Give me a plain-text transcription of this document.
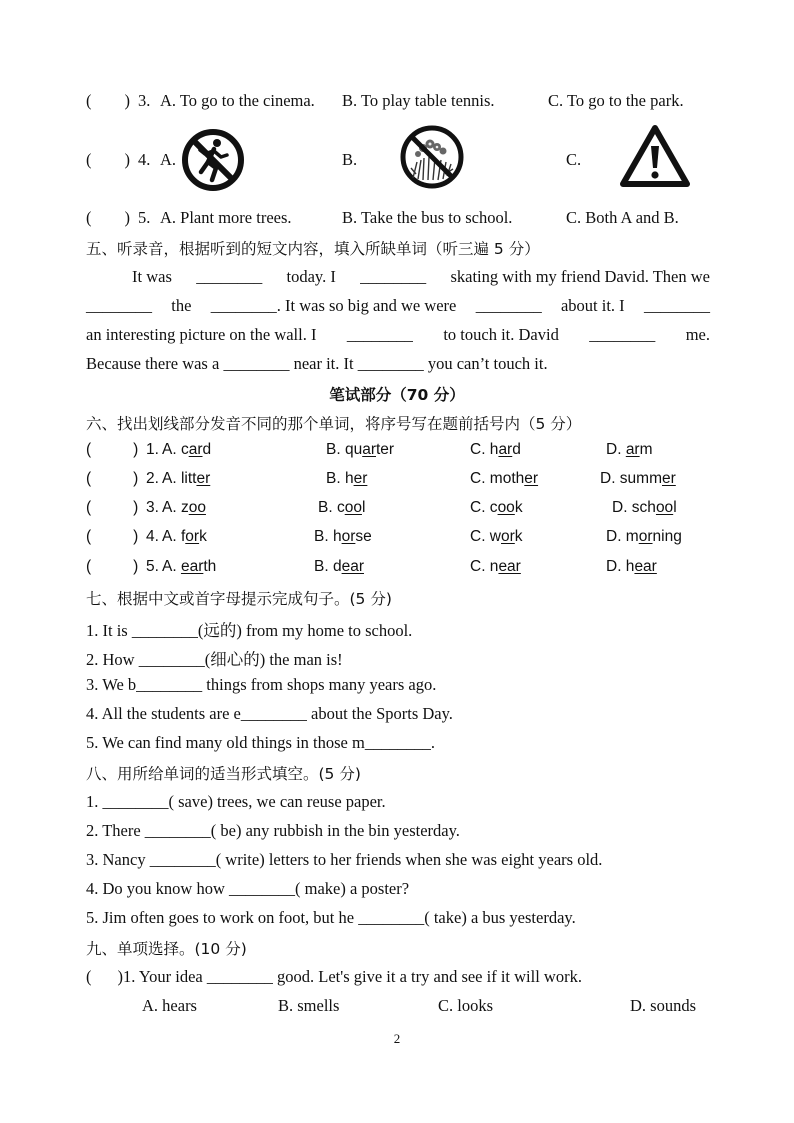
( ) 3. A. To go to the cinema. B. To play table tennis.	C. To go to the park.
( ) 4. A.	B.	C.
( ) 5. A. Plant more trees.	B. Take the bus to school.	C. Both A and B.
五、听录音，根据听到的短文内容，填入所缺单词（听三遍 5 分）
It was ________ today. I ________ skating with my friend David. Then we
________ the ________. It was so big and we were ________ about it. I ________
an interesting picture on the wall. I ________ to touch it. David ________ me.
Because there was a ________ near it. It ________ you can’t touch it.
笔试部分（70 分）
六、找出划线部分发音不同的那个单词，将序号写在题前括号内（5 分）
(	) 1. A. card	B. quarter	C. hard	D. arm
(	) 2. A. litter	B. her	C. mother	D. summer
(	) 3. A. zoo	B. cool	C. cook	D. school
(	) 4. A. fork	B. horse	C. work	D. morning
(	) 5. A. earth	B. dear	C. near	D. hear
七、根据中文或首字母提示完成句子。(5 分)
1. It is ________(远的) from my home to school.
2. How ________(细心的) the man is!
3. We b________ things from shops many years ago.
4. All the students are e________ about the Sports Day.
5. We can find many old things in those m________.
八、用所给单词的适当形式填空。(5 分)
1. ________( save) trees, we can reuse paper.
2. There ________( be) any rubbish in the bin yesterday.
3. Nancy ________( write) letters to her friends when she was eight years old.
4. Do you know how ________( make) a poster?
5. Jim often goes to work on foot, but he ________( take) a bus yesterday.
九、单项选择。(10 分)
( )1. Your idea ________ good. Let's give it a try and see if it will work.
A. hears	B. smells	C. looks	D. sounds
2
